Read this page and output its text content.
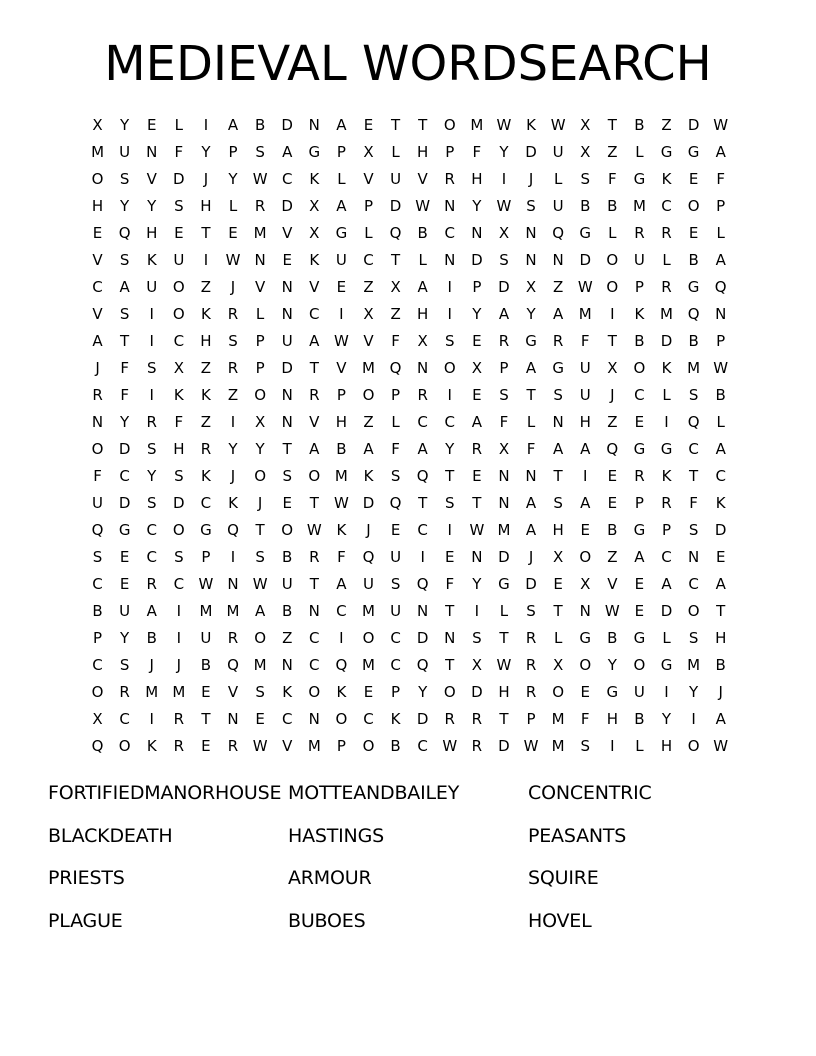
MEDIEVAL WORDSEARCH
X	Y	E	L	I	A	B	D	N	A	E	T	T	O M W K W X	T	B	Z	D W
M	U	N	F	Y	P	S	A	G	P	X	L	H	P	F	Y	D	U	X	Z	L	G	G	A
O	S	V	D	J	Y	W C	K	L	V	U	V	R	H	I	J	L	S	F	G	K	E	F
H	Y	Y	S	H	L	R	D	X	A	P	D W N	Y	W S	U	B	B	M	C	O	P
E	Q	H	E	T	E	M	V	X	G	L	Q	B	C	N	X	N	Q	G	L	R	R	E	L
V	S	K	U	I	W N	E	K	U	C	T	L	N	D	S	N	N	D	O	U	L	B	A
C	A	U	O	Z	J	V	N	V	E	Z	X	A	I	P	D	X	Z W O	P	R	G	Q
V	S	I	O	K	R	L	N	C	I	X	Z	H	I	Y	A	Y	A	M	I	K	M Q	N
A	T	I	C	H	S	P	U	A W V	F	X	S	E	R	G	R	F	T	B	D	B	P
J	F	S	X	Z	R	P	D	T	V	M Q	N	O	X	P	A	G	U	X	O	K	M W
R	F	I	K	K	Z	O	N	R	P	O	P	R	I	E	S	T	S	U	J	C	L	S	B
N	Y	R	F	Z	I	X	N	V	H	Z	L	C	C	A	F	L	N	H	Z	E	I	Q	L
O	D	S	H	R	Y	Y	T	A	B	A	F	A	Y	R	X	F	A	A	Q	G	G	C	A
F	C	Y	S	K	J	O	S	O M	K	S	Q	T	E	N	N	T	I	E	R	K	T	C
U	D	S	D	C	K	J	E	T	W D	Q	T	S	T	N	A	S	A	E	P	R	F	K
Q	G	C	O	G	Q	T	O W K	J	E	C	I	W M	A	H	E	B	G	P	S	D
S	E	C	S	P	I	S	B	R	F	Q	U	I	E	N	D	J	X	O	Z	A	C	N	E
C	E	R	C W N W U	T	A	U	S	Q	F	Y	G	D	E	X	V	E	A	C	A
B	U	A	I	M M	A	B	N	C	M	U	N	T	I	L	S	T	N W E	D	O	T
P	Y	B	I	U	R	O	Z	C	I	O	C	D	N	S	T	R	L	G	B	G	L	S	H
C	S	J	J	B	Q M	N	C	Q M	C	Q	T	X W R	X	O	Y	O	G M	B
O	R	M M	E	V	S	K	O	K	E	P	Y	O	D	H	R	O	E	G	U	I	Y	J
X	C	I	R	T	N	E	C	N	O	C	K	D	R	R	T	P	M	F	H	B	Y	I	A
Q	O	K	R	E	R W V	M	P	O	B	C W R	D W M	S	I	L	H	O W
FORTIFIEDMANORHOUSE MOTTEANDBAILEY	CONCENTRIC
BLACKDEATH	HASTINGS	PEASANTS
PRIESTS	ARMOUR	SQUIRE
PLAGUE	BUBOES	HOVEL
